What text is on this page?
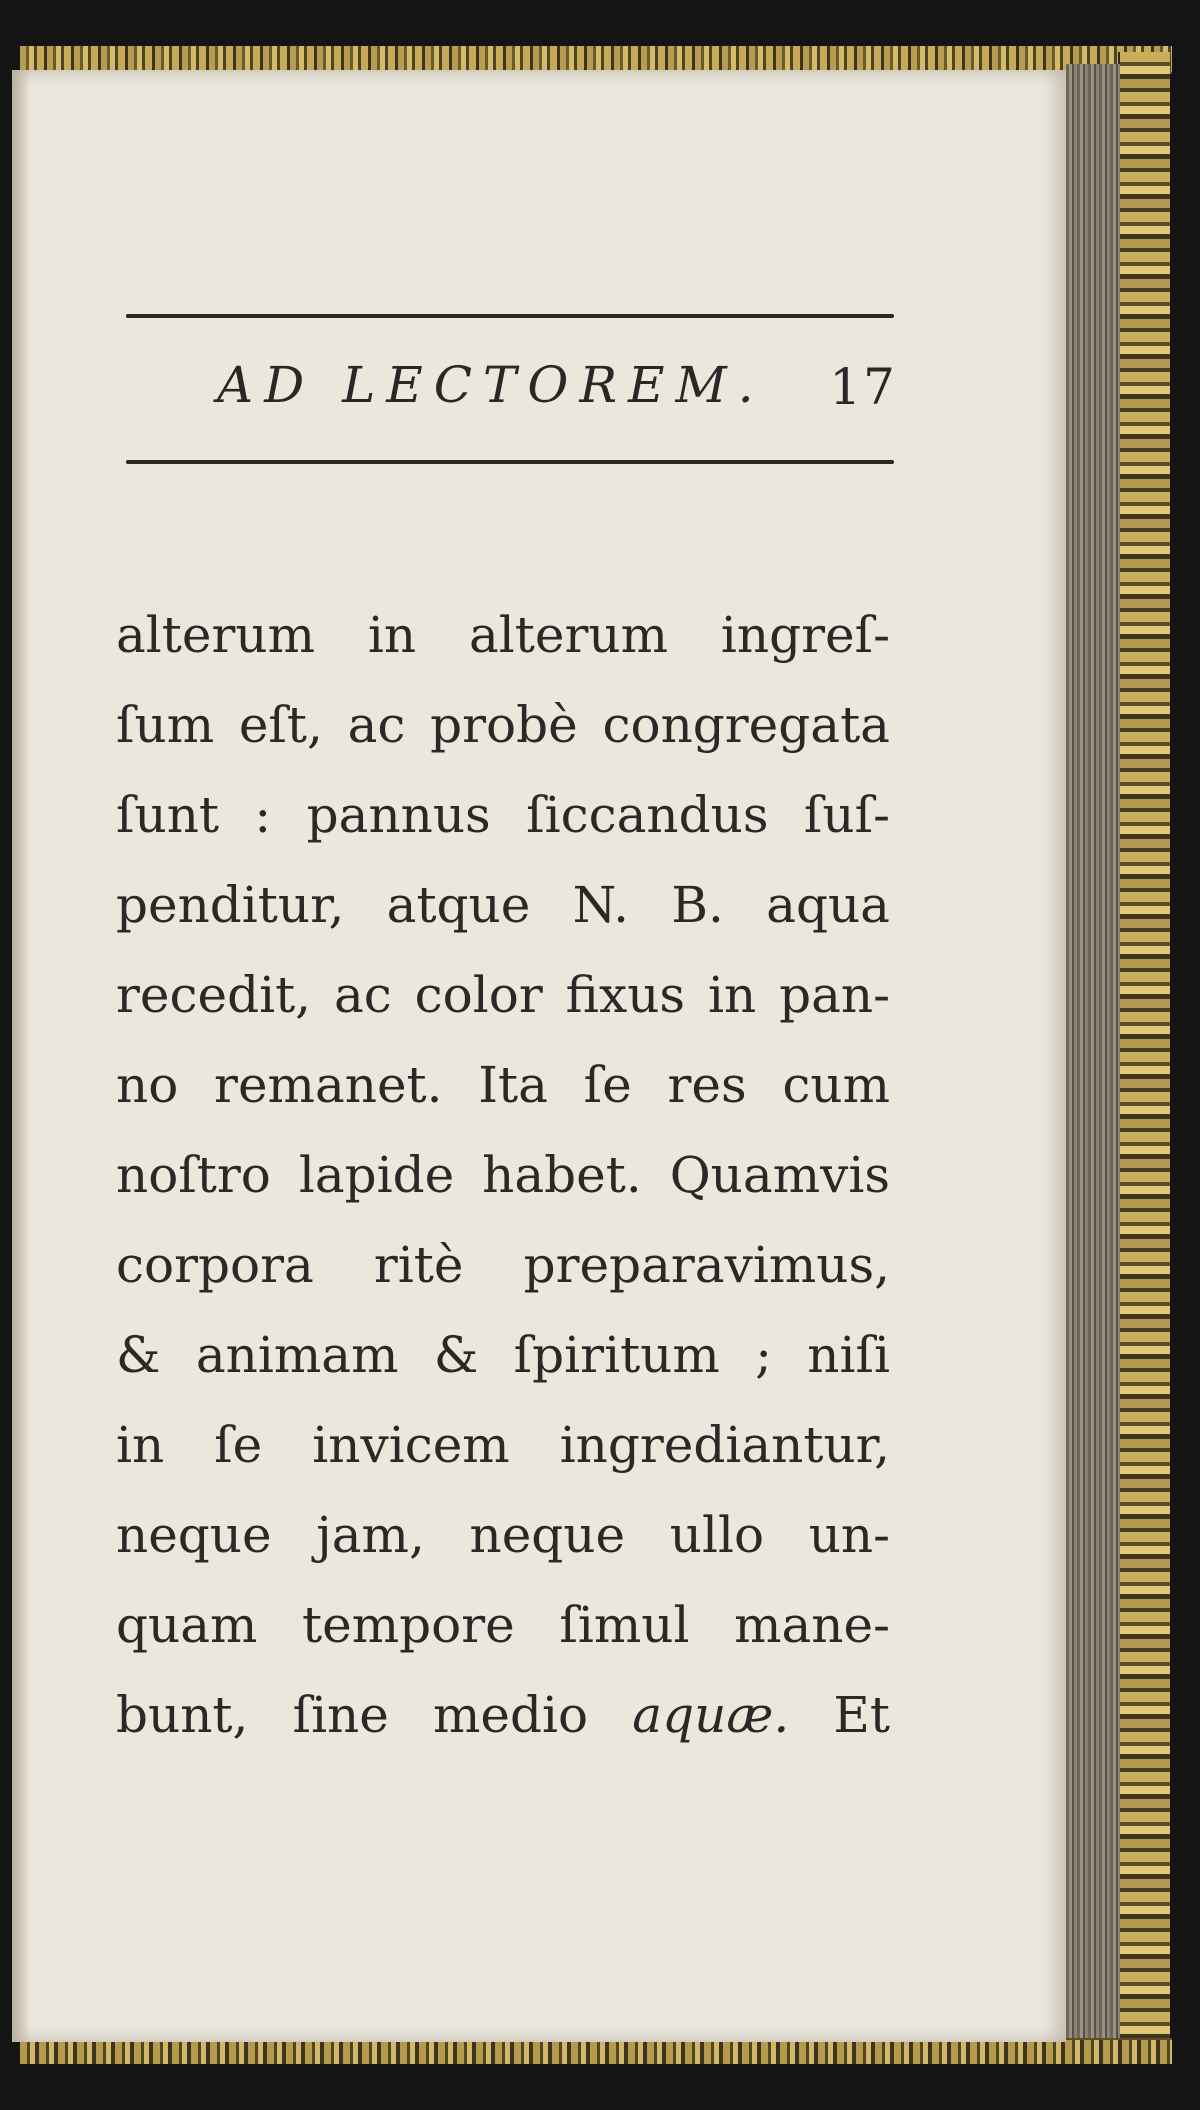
AD LECTOREM. 17
alterum in alterum ingreſ-
ſum eſt, ac probè congregata
ſunt : pannus ſiccandus ſuſ-
penditur, atque N. B. aqua
recedit, ac color fixus in pan-
no remanet. Ita ſe res cum
noſtro lapide habet. Quamvis
corpora ritè preparavimus,
& animam & ſpiritum ; niſi
in ſe invicem ingrediantur,
neque jam, neque ullo un-
quam tempore ſimul mane-
bunt, ſine medio aquæ. Et
